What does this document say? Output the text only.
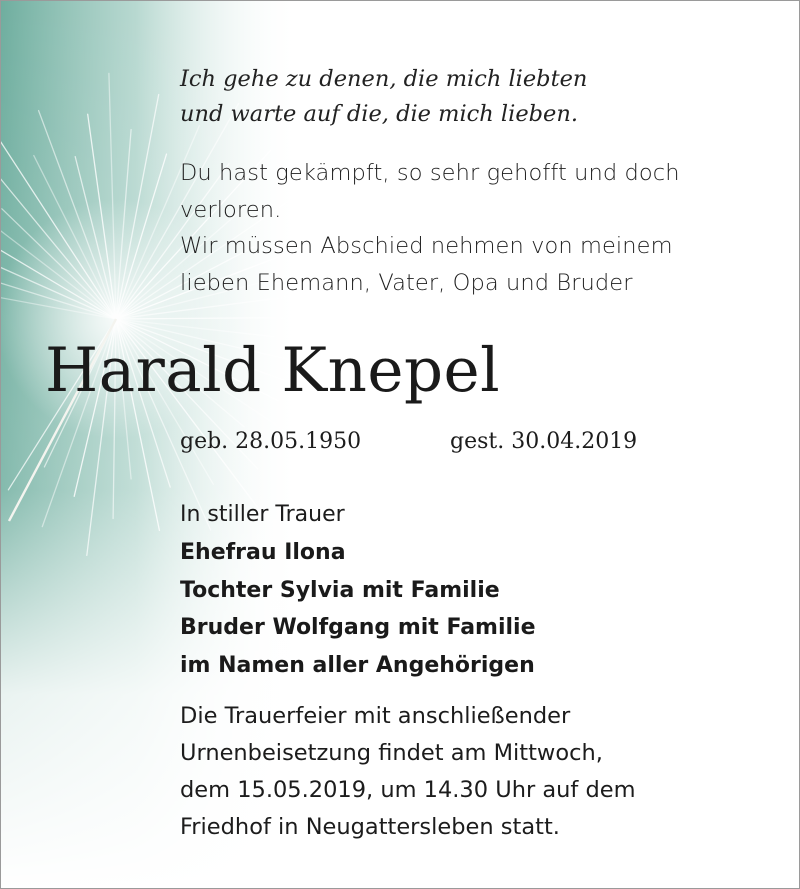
Ich gehe zu denen, die mich liebten
und warte auf die, die mich lieben.
Du hast gekämpft, so sehr gehofft und doch
verloren.
Wir müssen Abschied nehmen von meinem
lieben Ehemann, Vater, Opa und Bruder
Harald Knepel
geb. 28.05.1950	gest. 30.04.2019
In stiller Trauer
Ehefrau Ilona
Tochter Sylvia mit Familie
Bruder Wolfgang mit Familie
im Namen aller Angehörigen
Die Trauerfeier mit anschließender
Urnenbeisetzung findet am Mittwoch,
dem 15.05.2019, um 14.30 Uhr auf dem
Friedhof in Neugattersleben statt.
